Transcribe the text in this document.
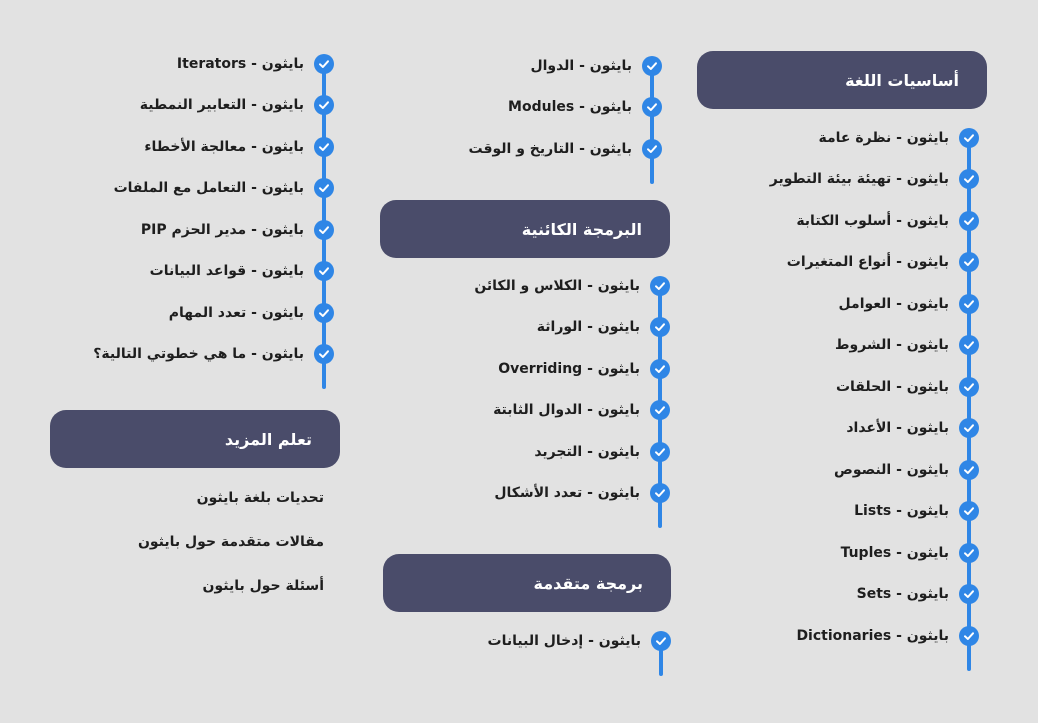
أساسيات اللغة
بايثون - نظرة عامة
بايثون - تهيئة بيئة التطوير
بايثون - أسلوب الكتابة
بايثون - أنواع المتغيرات
بايثون - العوامل
بايثون - الشروط
بايثون - الحلقات
بايثون - الأعداد
بايثون - النصوص
بايثون - Lists
بايثون - Tuples
بايثون - Sets
بايثون - Dictionaries
بايثون - الدوال
بايثون - Modules
بايثون - التاريخ و الوقت
البرمجة الكائنية
بايثون - الكلاس و الكائن
بايثون - الوراثة
بايثون - Overriding
بايثون - الدوال الثابتة
بايثون - التجريد
بايثون - تعدد الأشكال
برمجة متقدمة
بايثون - إدخال البيانات
بايثون - Iterators
بايثون - التعابير النمطية
بايثون - معالجة الأخطاء
بايثون - التعامل مع الملفات
بايثون - مدير الحزم PIP
بايثون - قواعد البيانات
بايثون - تعدد المهام
بايثون - ما هي خطوتي التالية؟
تعلم المزيد
تحديات بلغة بايثون
مقالات متقدمة حول بايثون
أسئلة حول بايثون
